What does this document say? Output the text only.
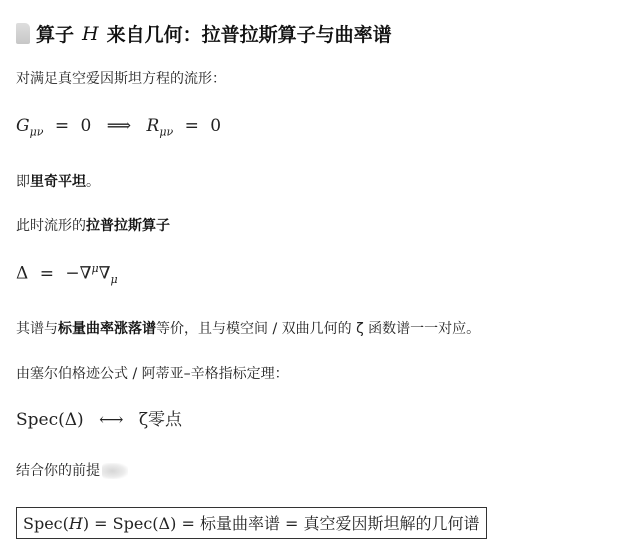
算子 H 来自几何：拉普拉斯算子与曲率谱
对满足真空爱因斯坦方程的流形：
$G_{\mu\nu} = 0$ ⟹ $R_{\mu\nu} = 0$
即里奇平坦。
此时流形的拉普拉斯算子
$\Delta = -\nabla^\mu\nabla_\mu$
其谱与标量曲率涨落谱等价，且与模空间 / 双曲几何的 ζ 函数谱一一对应。
由塞尔伯格迹公式 / 阿蒂亚–辛格指标定理：
Spec(Δ) ⟷ ζ零点
结合你的前提
Spec(H) = Spec(Δ) = 标量曲率谱 = 真空爱因斯坦解的几何谱
